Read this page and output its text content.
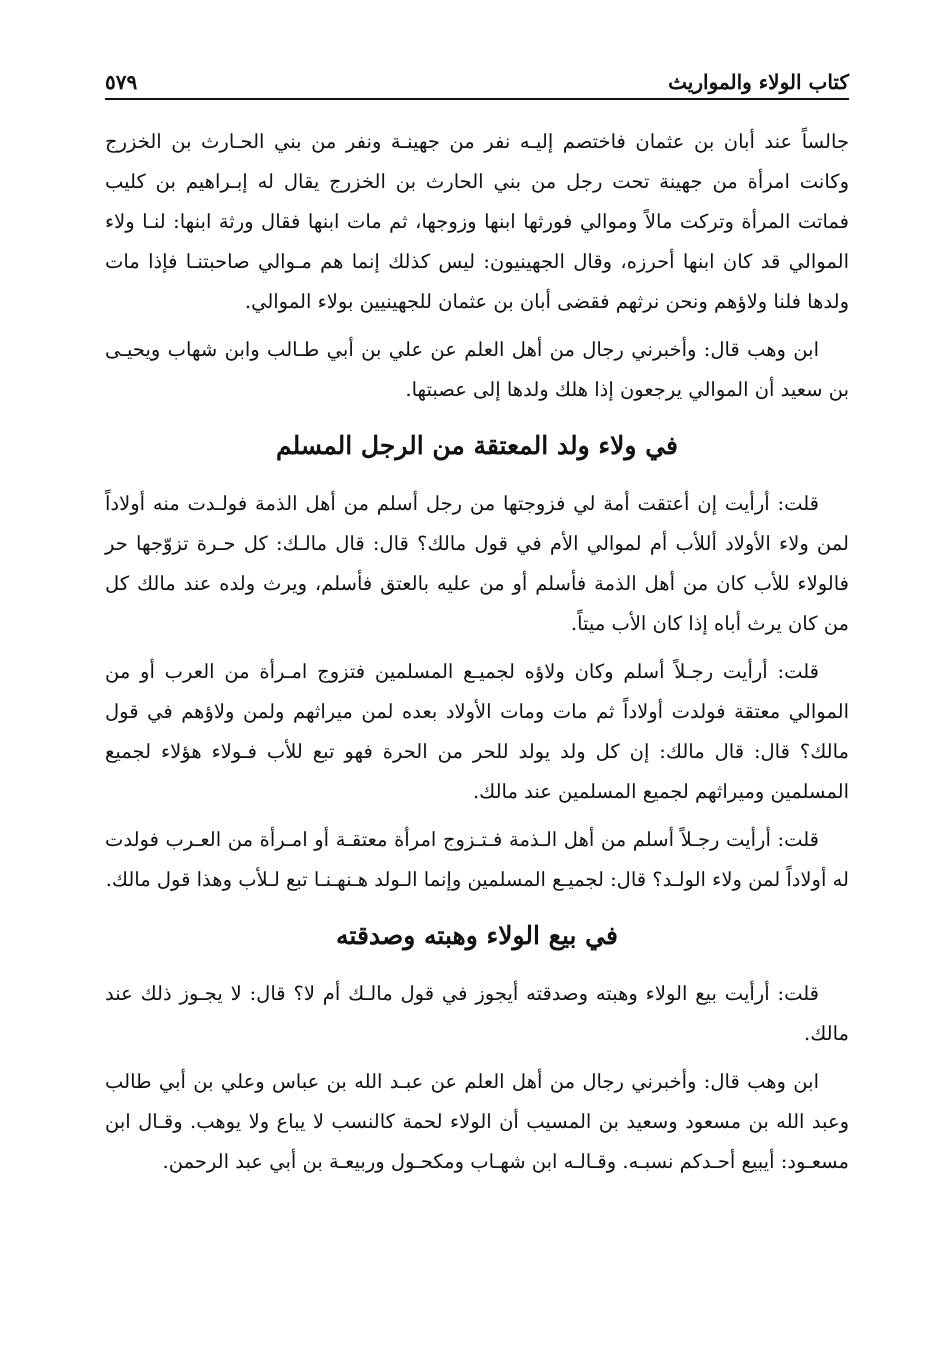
كتاب الولاء والمواريث
٥٧٩

جالساً عند أبان بن عثمان فاختصم إليـه نفر من جهينـة ونفر من بني الحـارث بن الخزرج وكانت امرأة من جهينة تحت رجل من بني الحارث بن الخزرج يقال له إبـراهيم بن كليب فماتت المرأة وتركت مالاً وموالي فورثها ابنها وزوجها، ثم مات ابنها فقال ورثة ابنها: لنـا ولاء الموالي قد كان ابنها أحرزه، وقال الجهينيون: ليس كذلك إنما هم مـوالي صاحبتنـا فإذا مات ولدها فلنا ولاؤهم ونحن نرثهم فقضى أبان بن عثمان للجهينيين بولاء الموالي.

ابن وهب قال: وأخبرني رجال من أهل العلم عن علي بن أبي طـالب وابن شهاب ويحيـى بن سعيد أن الموالي يرجعون إذا هلك ولدها إلى عصبتها.

في ولاء ولد المعتقة من الرجل المسلم

قلت: أرأيت إن أعتقت أمة لي فزوجتها من رجل أسلم من أهل الذمة فولـدت منه أولاداً لمن ولاء الأولاد أللأب أم لموالي الأم في قول مالك؟ قال: قال مالـك: كل حـرة تزوّجها حر فالولاء للأب كان من أهل الذمة فأسلم أو من عليه بالعتق فأسلم، ويرث ولده عند مالك كل من كان يرث أباه إذا كان الأب ميتاً.

قلت: أرأيت رجـلاً أسلم وكان ولاؤه لجميـع المسلمين فتزوج امـرأة من العرب أو من الموالي معتقة فولدت أولاداً ثم مات ومات الأولاد بعده لمن ميراثهم ولمن ولاؤهم في قول مالك؟ قال: قال مالك: إن كل ولد يولد للحر من الحرة فهو تبع للأب فـولاء هؤلاء لجميع المسلمين وميراثهم لجميع المسلمين عند مالك.

قلت: أرأيت رجـلاً أسلم من أهل الـذمة فـتـزوج امرأة معتقـة أو امـرأة من العـرب فولدت له أولاداً لمن ولاء الولـد؟ قال: لجميـع المسلمين وإنما الـولد هـنهـنـا تبع لـلأب وهذا قول مالك.

في بيع الولاء وهبته وصدقته

قلت: أرأيت بيع الولاء وهبته وصدقته أيجوز في قول مالـك أم لا؟ قال: لا يجـوز ذلك عند مالك.

ابن وهب قال: وأخبرني رجال من أهل العلم عن عبـد الله بن عباس وعلي بن أبي طالب وعبد الله بن مسعود وسعيد بن المسيب أن الولاء لحمة كالنسب لا يباع ولا يوهب. وقـال ابن مسعـود: أيبيع أحـدكم نسبـه. وقـالـه ابن شهـاب ومكحـول وربيعـة بن أبي عبد الرحمن.
